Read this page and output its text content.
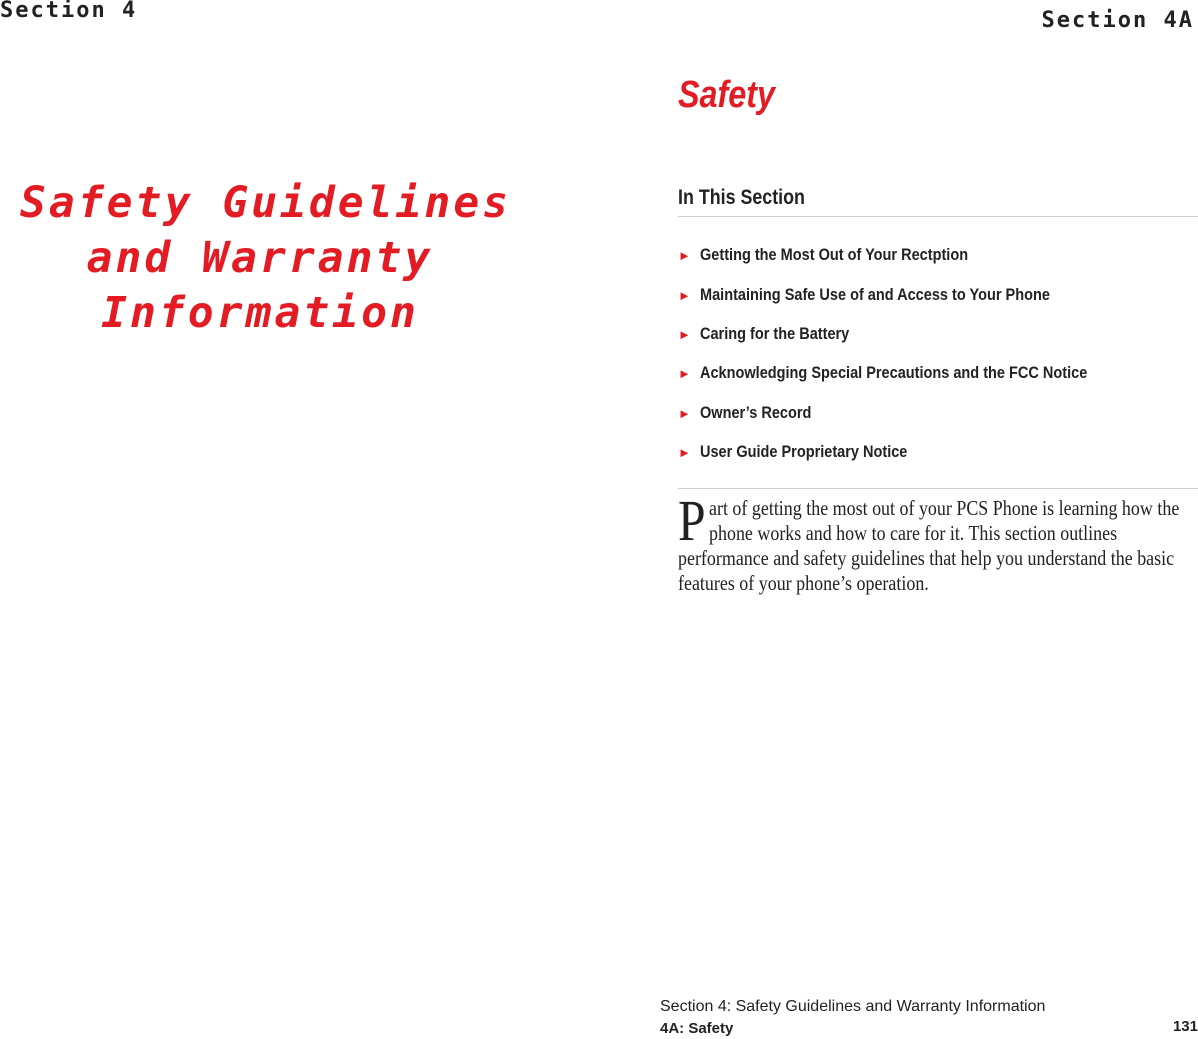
Section 4
Safety Guidelines
and Warranty
Information
Section 4A
Safety
In This Section
► Getting the Most Out of Your Rectption
► Maintaining Safe Use of and Access to Your Phone
► Caring for the Battery
► Acknowledging Special Precautions and the FCC Notice
► Owner’s Record
► User Guide Proprietary Notice
P art of getting the most out of your PCS Phone is learning how the phone works and how to care for it. This section outlines performance and safety guidelines that help you understand the basic features of your phone’s operation.
Section 4: Safety Guidelines and Warranty Information
4A: Safety	131
